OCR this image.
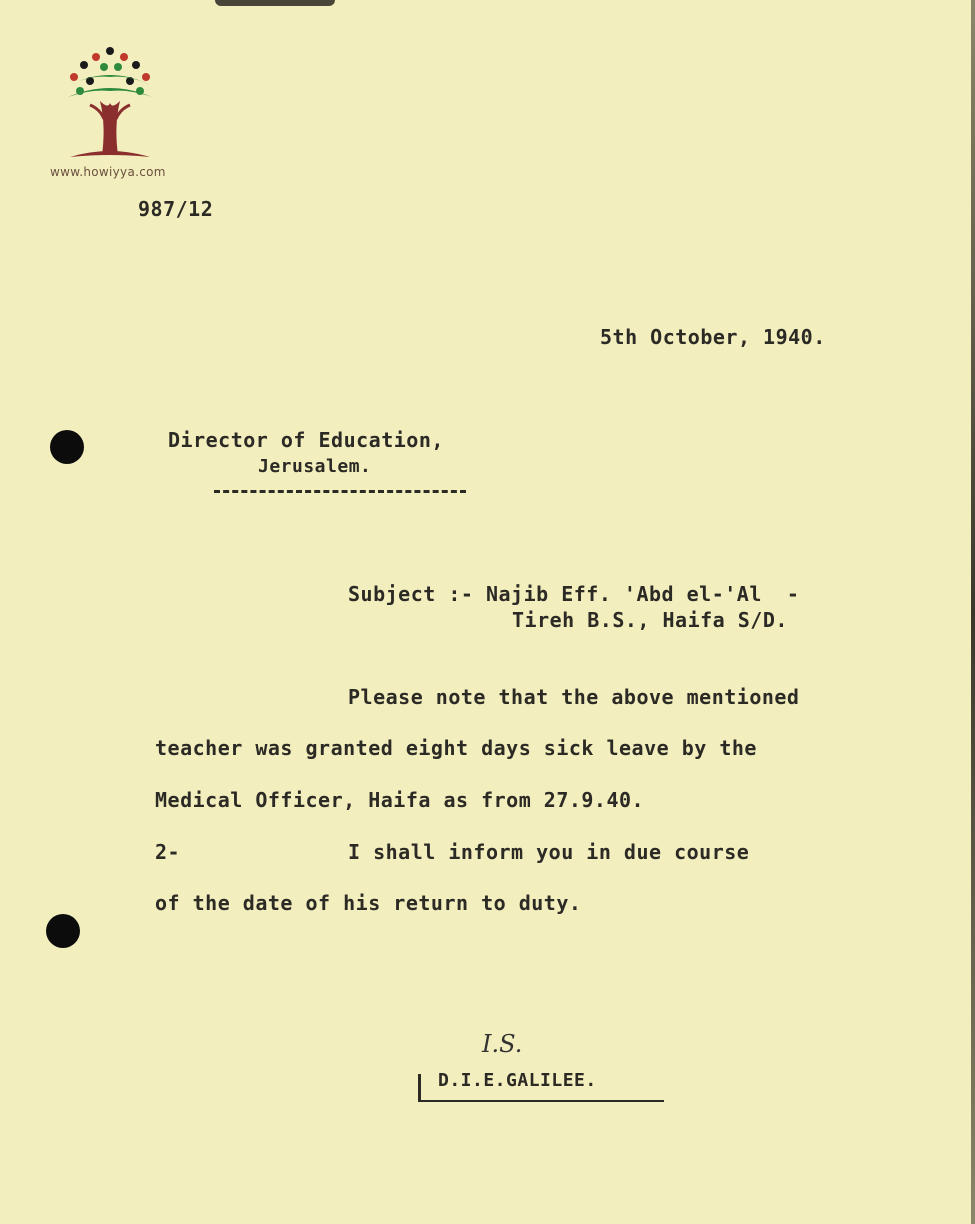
www.howiyya.com
987/12
5th October, 1940.
Director of Education,
Jerusalem.
Subject :- Najib Eff. 'Abd el-'Al  -
Tireh B.S., Haifa S/D.
Please note that the above mentioned
teacher was granted eight days sick leave by the
Medical Officer, Haifa as from 27.9.40.
2-	I shall inform you in due course
of the date of his return to duty.
I.S.
D.I.E.GALILEE.
